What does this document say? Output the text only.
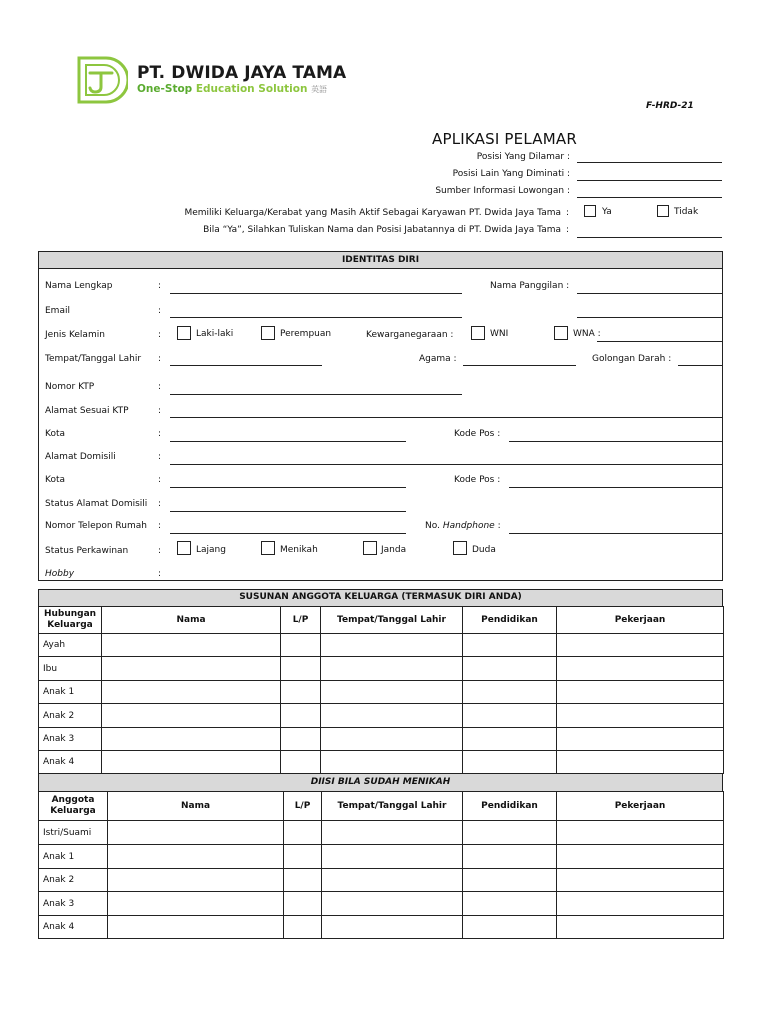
PT. DWIDA JAYA TAMA
One-Stop Education Solution 英語
F-HRD-21
APLIKASI PELAMAR
Posisi Yang Dilamar :
Posisi Lain Yang Diminati :
Sumber Informasi Lowongan :
Memiliki Keluarga/Kerabat yang Masih Aktif Sebagai Karyawan PT. Dwida Jaya Tama :	Ya	Tidak
Bila “Ya”, Silahkan Tuliskan Nama dan Posisi Jabatannya di PT. Dwida Jaya Tama :
IDENTITAS DIRI
Nama Lengkap	:	Nama Panggilan :
Email	:
Jenis Kelamin	:	Laki-laki	Perempuan	Kewarganegaraan :	WNI	WNA :
Tempat/Tanggal Lahir :	Agama :	Golongan Darah :
Nomor KTP	:
Alamat Sesuai KTP	:
Kota	:	Kode Pos :
Alamat Domisili	:
Kota	:	Kode Pos :
Status Alamat Domisili :
Nomor Telepon Rumah :	No. Handphone :
Status Perkawinan	:	Lajang	Menikah	Janda	Duda
Hobby	:
SUSUNAN ANGGOTA KELUARGA (TERMASUK DIRI ANDA)
Hubungan Keluarga	Nama	L/P	Tempat/Tanggal Lahir	Pendidikan	Pekerjaan
Ayah					
Ibu					
Anak 1					
Anak 2					
Anak 3					
Anak 4					
DIISI BILA SUDAH MENIKAH
Anggota Keluarga	Nama	L/P	Tempat/Tanggal Lahir	Pendidikan	Pekerjaan
Istri/Suami					
Anak 1					
Anak 2					
Anak 3					
Anak 4					
